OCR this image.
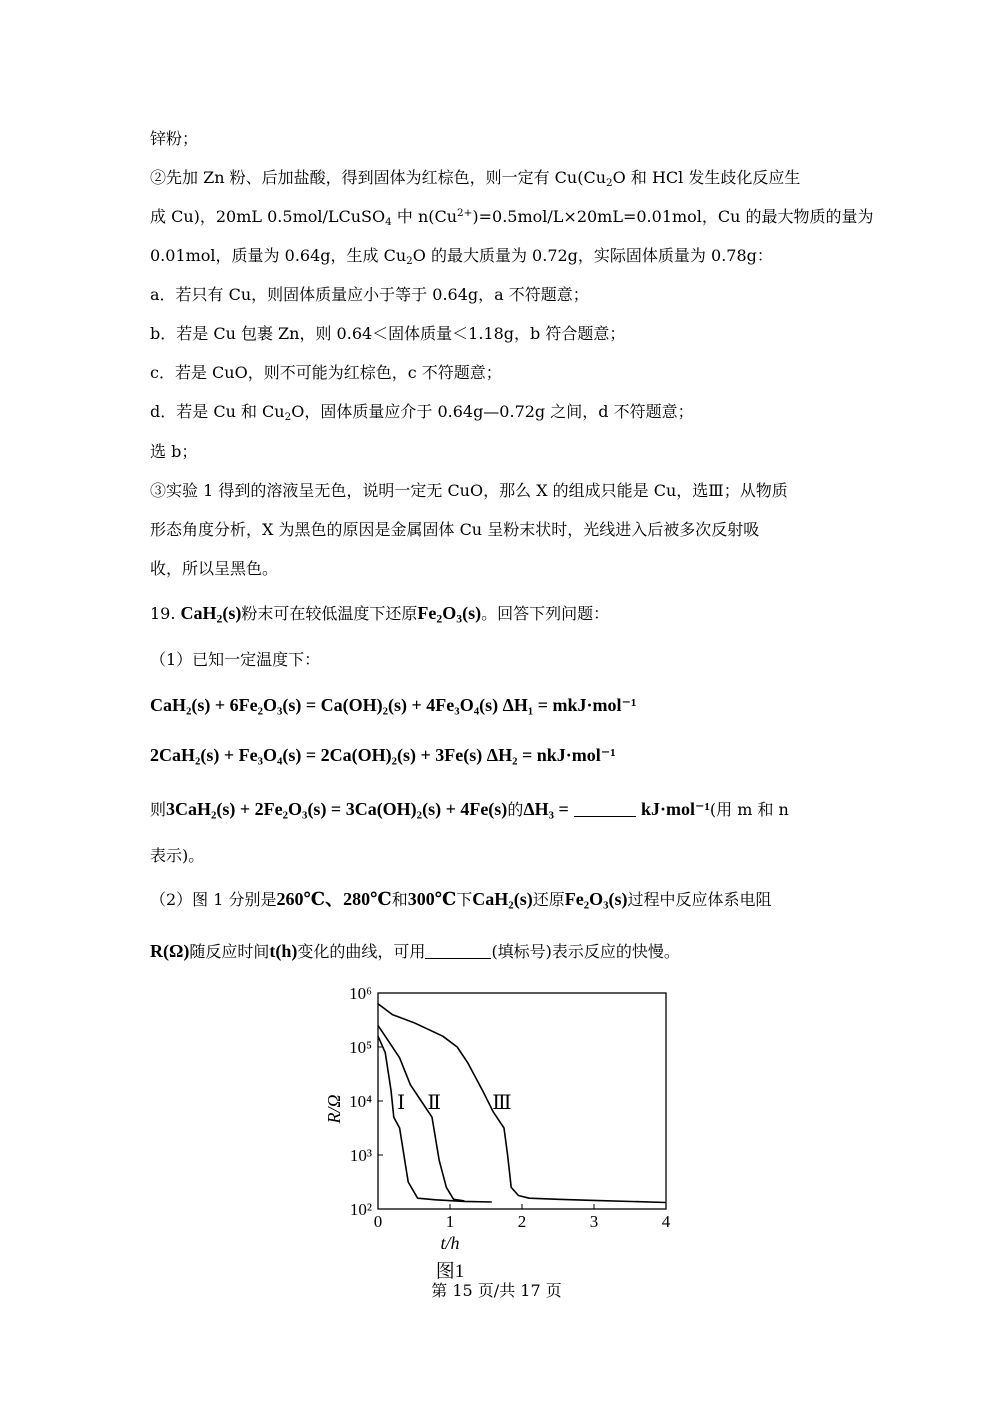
锌粉；
②先加 Zn 粉、后加盐酸，得到固体为红棕色，则一定有 $Cu(Cu_2O$ 和 HCl 发生歧化反应生
成 Cu)，20mL 0.5mol/LCuSO$_4$ 中 $n(Cu^{2+})=0.5mol/L\times 20mL=0.01mol$，Cu 的最大物质的量为
0.01mol，质量为 0.64g，生成 $Cu_2O$ 的最大质量为 0.72g，实际固体质量为 0.78g：
a．若只有 Cu，则固体质量应小于等于 0.64g，a 不符题意；
b．若是 Cu 包裹 Zn，则 0.64＜固体质量＜1.18g，b 符合题意；
c．若是 CuO，则不可能为红棕色，c 不符题意；
d．若是 Cu 和 $Cu_2O$，固体质量应介于 0.64g—0.72g 之间，d 不符题意；
选 b；
③实验 1 得到的溶液呈无色，说明一定无 CuO，那么 X 的组成只能是 Cu，选Ⅲ；从物质
形态角度分析，X 为黑色的原因是金属固体 Cu 呈粉末状时，光线进入后被多次反射吸
收，所以呈黑色。
19. CaH$_2$(s)粉末可在较低温度下还原$Fe_2O_3(s)$。回答下列问题：
（1）已知一定温度下：
CaH₂(s) + 6Fe₂O₃(s) = Ca(OH)₂(s) + 4Fe₃O₄(s) ΔH₁ = mkJ·mol⁻¹
2CaH₂(s) + Fe₃O₄(s) = 2Ca(OH)₂(s) + 3Fe(s) ΔH₂ = nkJ·mol⁻¹
则3CaH₂(s) + 2Fe₂O₃(s) = 3Ca(OH)₂(s) + 4Fe(s)的ΔH₃ =	kJ·mol⁻¹(用 m 和 n
表示)。
（2）图 1 分别是260℃、280℃和300℃下CaH₂(s)还原Fe₂O₃(s)过程中反应体系电阻
R(Ω)随反应时间t(h)变化的曲线，可用	(填标号)表示反应的快慢。
0	1	2	3	4
10²
10³
10⁴
10⁵
10⁶
t/h
R/Ω
图1
Ⅰ Ⅱ	Ⅲ
第 15 页/共 17 页
